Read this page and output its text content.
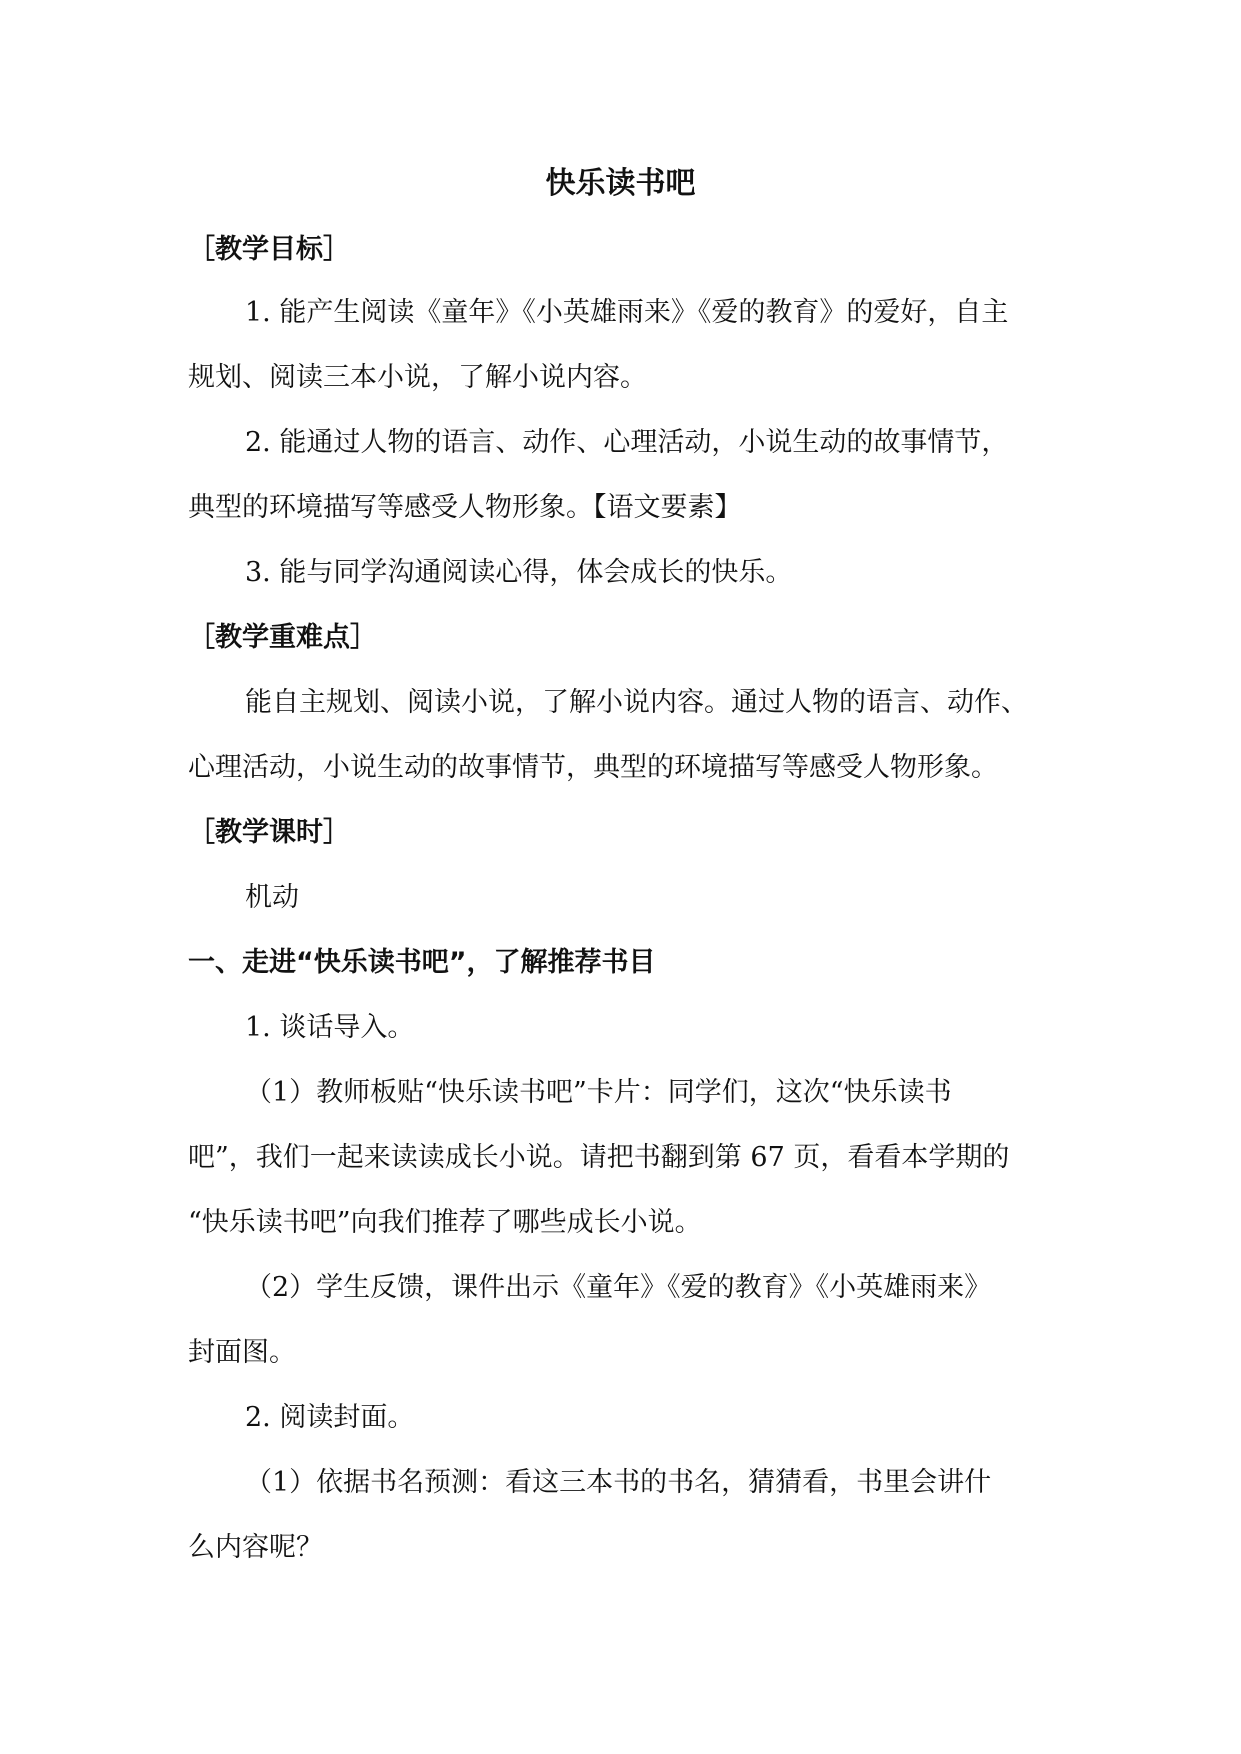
快乐读书吧
［教学目标］
1. 能产生阅读《童年》《小英雄雨来》《爱的教育》的爱好，自主
规划、阅读三本小说，了解小说内容。
2. 能通过人物的语言、动作、心理活动，小说生动的故事情节，
典型的环境描写等感受人物形象。【语文要素】
3. 能与同学沟通阅读心得，体会成长的快乐。
［教学重难点］
能自主规划、阅读小说，了解小说内容。通过人物的语言、动作、
心理活动，小说生动的故事情节，典型的环境描写等感受人物形象。
［教学课时］
机动
一、走进“快乐读书吧”，了解推荐书目
1. 谈话导入。
（1）教师板贴“快乐读书吧”卡片：同学们，这次“快乐读书
吧”，我们一起来读读成长小说。请把书翻到第 67 页，看看本学期的
“快乐读书吧”向我们推荐了哪些成长小说。
（2）学生反馈，课件出示《童年》《爱的教育》《小英雄雨来》
封面图。
2. 阅读封面。
（1）依据书名预测：看这三本书的书名，猜猜看，书里会讲什
么内容呢？
